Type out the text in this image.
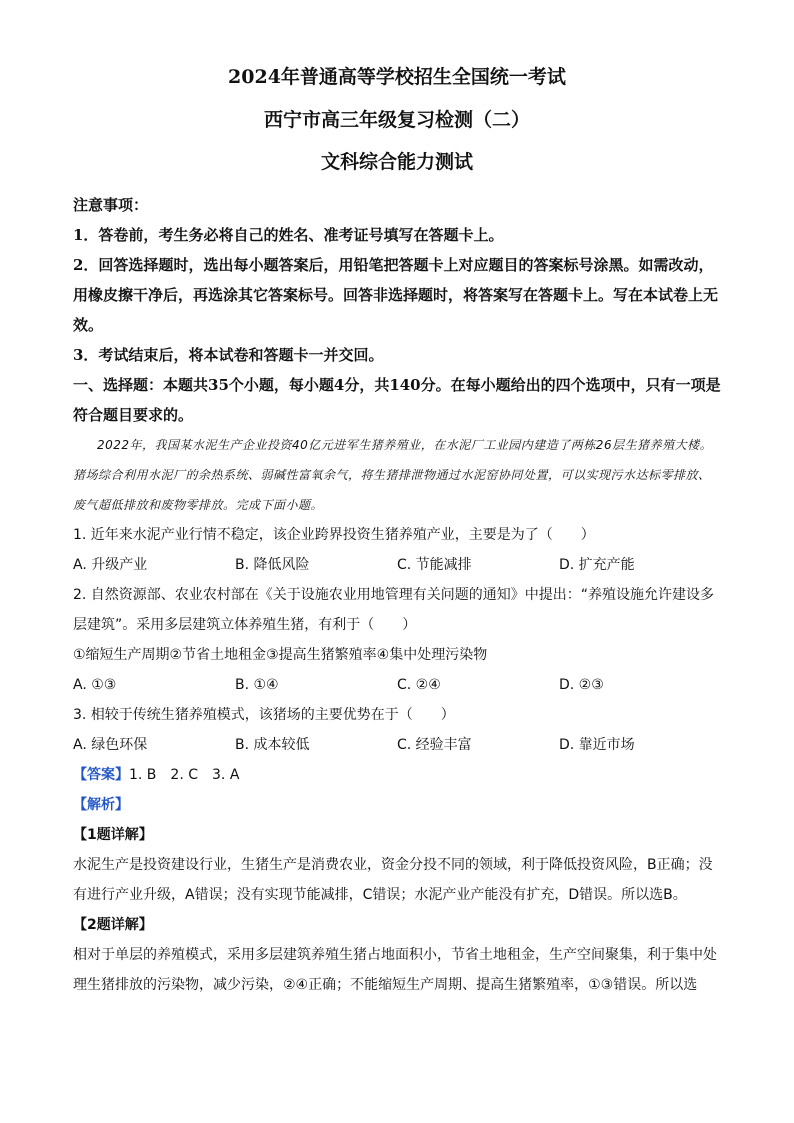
2024年普通高等学校招生全国统一考试

西宁市高三年级复习检测（二）

文科综合能力测试

注意事项：
1．答卷前，考生务必将自己的姓名、准考证号填写在答题卡上。
2．回答选择题时，选出每小题答案后，用铅笔把答题卡上对应题目的答案标号涂黑。如需改动，用橡皮擦干净后，再选涂其它答案标号。回答非选择题时，将答案写在答题卡上。写在本试卷上无效。
3．考试结束后，将本试卷和答题卡一并交回。
一、选择题：本题共35个小题，每小题4分，共140分。在每小题给出的四个选项中，只有一项是符合题目要求的。
2022年，我国某水泥生产企业投资40亿元进军生猪养殖业，在水泥厂工业园内建造了两栋26层生猪养殖大楼。猪场综合利用水泥厂的余热系统、弱碱性富氧余气，将生猪排泄物通过水泥窑协同处置，可以实现污水达标零排放、废气超低排放和废物零排放。完成下面小题。
1. 近年来水泥产业行情不稳定，该企业跨界投资生猪养殖产业，主要是为了（　　）
A. 升级产业	B. 降低风险	C. 节能减排	D. 扩充产能
2. 自然资源部、农业农村部在《关于设施农业用地管理有关问题的通知》中提出：“养殖设施允许建设多层建筑”。采用多层建筑立体养殖生猪，有利于（　　）
①缩短生产周期②节省土地租金③提高生猪繁殖率④集中处理污染物
A. ①③	B. ①④	C. ②④	D. ②③
3. 相较于传统生猪养殖模式，该猪场的主要优势在于（　　）
A. 绿色环保	B. 成本较低	C. 经验丰富	D. 靠近市场
【答案】1. B 2. C 3. A
【解析】
【1题详解】
水泥生产是投资建设行业，生猪生产是消费农业，资金分投不同的领域，利于降低投资风险，B正确；没有进行产业升级，A错误；没有实现节能减排，C错误；水泥产业产能没有扩充，D错误。所以选B。
【2题详解】
相对于单层的养殖模式，采用多层建筑养殖生猪占地面积小，节省土地租金，生产空间聚集，利于集中处理生猪排放的污染物，减少污染，②④正确；不能缩短生产周期、提高生猪繁殖率，①③错误。所以选
